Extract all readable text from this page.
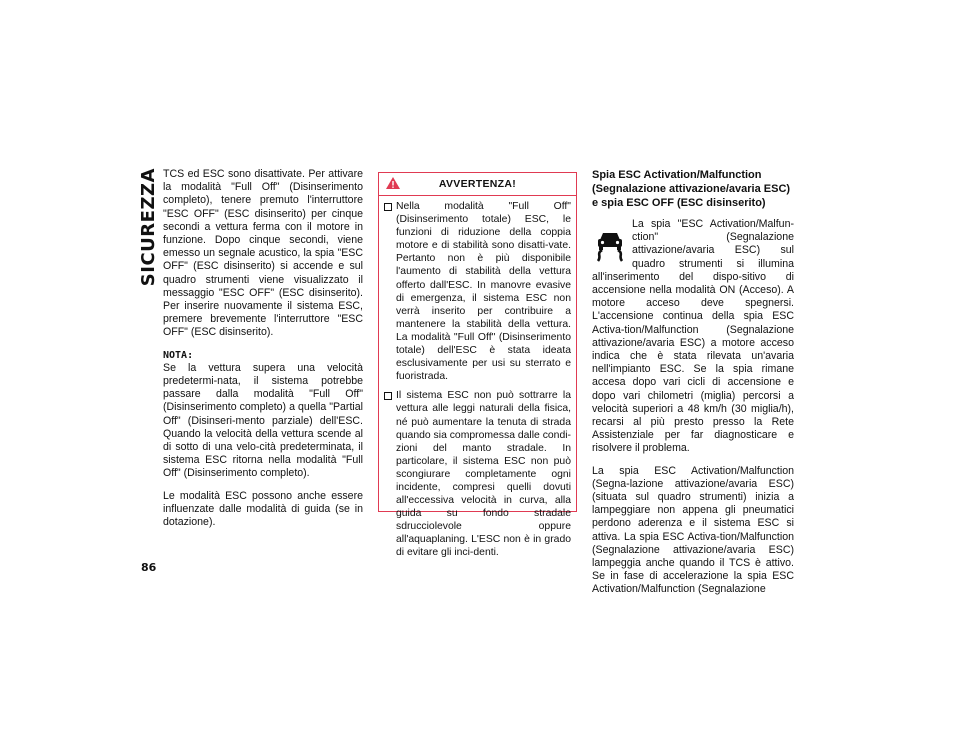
SICUREZZA TCS ed ESC sono disattivate. Per attivare la modalità "Full Off" (Disinserimento completo), tenere premuto l'interruttore "ESC OFF" (ESC disinserito) per cinque secondi a vettura ferma con il motore in funzione. Dopo cinque secondi, viene emesso un segnale acustico, la spia "ESC OFF" (ESC disinserito) si accende e sul quadro strumenti viene visualizzato il messaggio "ESC OFF" (ESC disinserito). Per inserire nuovamente il sistema ESC, premere brevemente l'interruttore "ESC OFF" (ESC disinserito).

NOTA:

Se la vettura supera una velocità predetermi-nata, il sistema potrebbe passare dalla modalità "Full Off" (Disinserimento completo) a quella "Partial Off" (Disinseri-mento parziale) dell'ESC. Quando la velocità della vettura scende al di sotto di una velo-cità predeterminata, il sistema ESC ritorna nella modalità "Full Off" (Disinserimento completo).

Le modalità ESC possono anche essere influenzate dalle modalità di guida (se in dotazione).

AVVERTENZA!
Nella modalità "Full Off" (Disinserimento totale) ESC, le funzioni di riduzione della coppia motore e di stabilità sono disatti-vate. Pertanto non è più disponibile l'aumento di stabilità della vettura offerto dall'ESC. In manovre evasive di emergenza, il sistema ESC non verrà inserito per contribuire a mantenere la stabilità della vettura. La modalità "Full Off" (Disinserimento totale) dell'ESC è stata ideata esclusivamente per usi su sterrato e fuoristrada.
Il sistema ESC non può sottrarre la vettura alle leggi naturali della fisica, né può aumentare la tenuta di strada quando sia compromessa dalle condi-zioni del manto stradale. In particolare, il sistema ESC non può scongiurare completamente ogni incidente, compresi quelli dovuti all'eccessiva velocità in curva, alla guida su fondo stradale sdrucciolevole oppure all'aquaplaning. L'ESC non è in grado di evitare gli inci-denti.

Spia ESC Activation/Malfunction (Segnalazione attivazione/avaria ESC) e spia ESC OFF (ESC disinserito)

La spia "ESC Activation/Malfun-ction" (Segnalazione attivazione/avaria ESC) sul quadro strumenti si illumina all'inserimento del dispo-sitivo di accensione nella modalità ON (Acceso). A motore acceso deve spegnersi. L'accensione continua della spia ESC Activa-tion/Malfunction (Segnalazione attivazione/avaria ESC) a motore acceso indica che è stata rilevata un'avaria nell'impianto ESC. Se la spia rimane accesa dopo vari cicli di accensione e dopo vari chilometri (miglia) percorsi a velocità superiori a 48 km/h (30 miglia/h), recarsi al più presto presso la Rete Assistenziale per far diagnosticare e risolvere il problema.

La spia ESC Activation/Malfunction (Segna-lazione attivazione/avaria ESC) (situata sul quadro strumenti) inizia a lampeggiare non appena gli pneumatici perdono aderenza e il sistema ESC si attiva. La spia ESC Activa-tion/Malfunction (Segnalazione attivazione/avaria ESC) lampeggia anche quando il TCS è attivo. Se in fase di accelerazione la spia ESC Activation/Malfunction (Segnalazione

86
